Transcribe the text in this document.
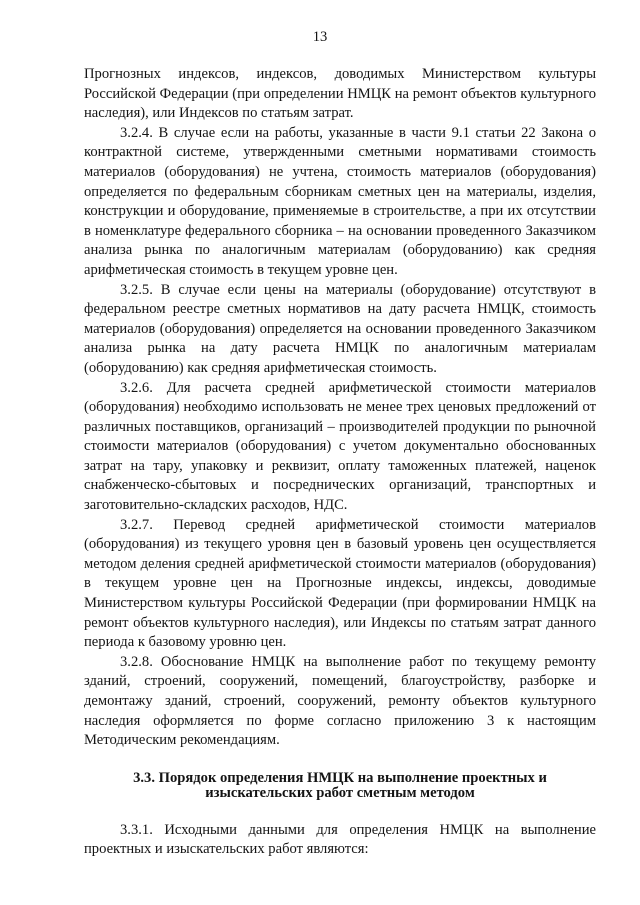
13

Прогнозных индексов, индексов, доводимых Министерством культуры Российской Федерации (при определении НМЦК на ремонт объектов культурного наследия), или Индексов по статьям затрат.

3.2.4. В случае если на работы, указанные в части 9.1 статьи 22 Закона о контрактной системе, утвержденными сметными нормативами стоимость материалов (оборудования) не учтена, стоимость материалов (оборудования) определяется по федеральным сборникам сметных цен на материалы, изделия, конструкции и оборудование, применяемые в строительстве, а при их отсутствии в номенклатуре федерального сборника – на основании проведенного Заказчиком анализа рынка по аналогичным материалам (оборудованию) как средняя арифметическая стоимость в текущем уровне цен.

3.2.5. В случае если цены на материалы (оборудование) отсутствуют в федеральном реестре сметных нормативов на дату расчета НМЦК, стоимость материалов (оборудования) определяется на основании проведенного Заказчиком анализа рынка на дату расчета НМЦК по аналогичным материалам (оборудованию) как средняя арифметическая стоимость.

3.2.6. Для расчета средней арифметической стоимости материалов (оборудования) необходимо использовать не менее трех ценовых предложений от различных поставщиков, организаций – производителей продукции по рыночной стоимости материалов (оборудования) с учетом документально обоснованных затрат на тару, упаковку и реквизит, оплату таможенных платежей, наценок снабженческо-сбытовых и посреднических организаций, транспортных и заготовительно-складских расходов, НДС.

3.2.7. Перевод средней арифметической стоимости материалов (оборудования) из текущего уровня цен в базовый уровень цен осуществляется методом деления средней арифметической стоимости материалов (оборудования) в текущем уровне цен на Прогнозные индексы, индексы, доводимые Министерством культуры Российской Федерации (при формировании НМЦК на ремонт объектов культурного наследия), или Индексы по статьям затрат данного периода к базовому уровню цен.

3.2.8. Обоснование НМЦК на выполнение работ по текущему ремонту зданий, строений, сооружений, помещений, благоустройству, разборке и демонтажу зданий, строений, сооружений, ремонту объектов культурного наследия оформляется по форме согласно приложению 3 к настоящим Методическим рекомендациям.

3.3. Порядок определения НМЦК на выполнение проектных и изыскательских работ сметным методом

3.3.1. Исходными данными для определения НМЦК на выполнение проектных и изыскательских работ являются:
